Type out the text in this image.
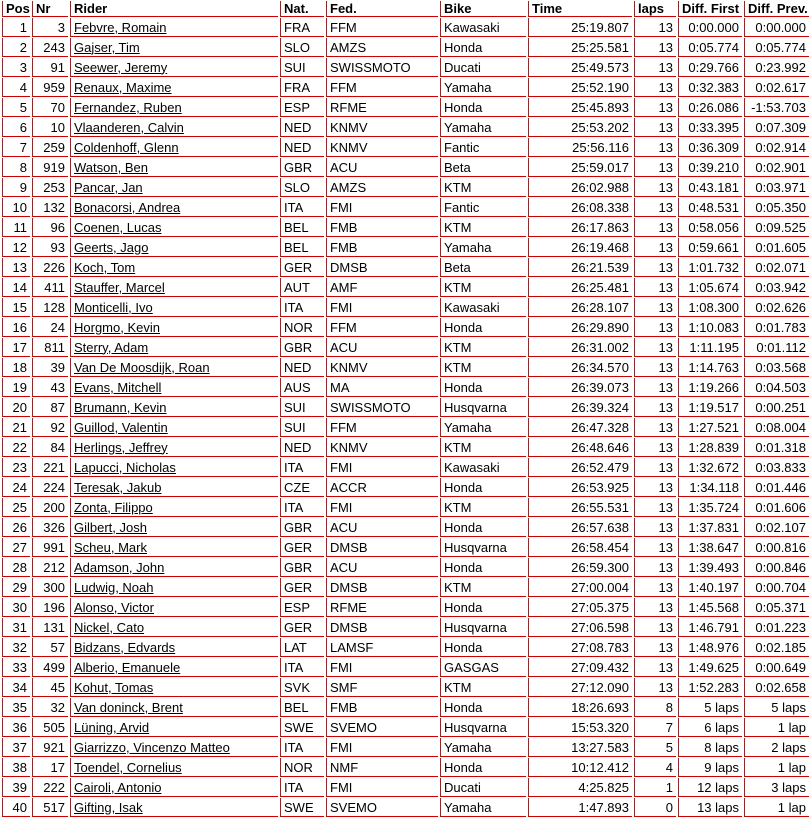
Pos	Nr	Rider	Nat.	Fed.	Bike	Time	laps	Diff. First	Diff. Prev.
1	3	Febvre, Romain	FRA	FFM	Kawasaki	25:19.807	13	0:00.000	0:00.000
2	243	Gajser, Tim	SLO	AMZS	Honda	25:25.581	13	0:05.774	0:05.774
3	91	Seewer, Jeremy	SUI	SWISSMOTO	Ducati	25:49.573	13	0:29.766	0:23.992
4	959	Renaux, Maxime	FRA	FFM	Yamaha	25:52.190	13	0:32.383	0:02.617
5	70	Fernandez, Ruben	ESP	RFME	Honda	25:45.893	13	0:26.086	-1:53.703
6	10	Vlaanderen, Calvin	NED	KNMV	Yamaha	25:53.202	13	0:33.395	0:07.309
7	259	Coldenhoff, Glenn	NED	KNMV	Fantic	25:56.116	13	0:36.309	0:02.914
8	919	Watson, Ben	GBR	ACU	Beta	25:59.017	13	0:39.210	0:02.901
9	253	Pancar, Jan	SLO	AMZS	KTM	26:02.988	13	0:43.181	0:03.971
10	132	Bonacorsi, Andrea	ITA	FMI	Fantic	26:08.338	13	0:48.531	0:05.350
11	96	Coenen, Lucas	BEL	FMB	KTM	26:17.863	13	0:58.056	0:09.525
12	93	Geerts, Jago	BEL	FMB	Yamaha	26:19.468	13	0:59.661	0:01.605
13	226	Koch, Tom	GER	DMSB	Beta	26:21.539	13	1:01.732	0:02.071
14	411	Stauffer, Marcel	AUT	AMF	KTM	26:25.481	13	1:05.674	0:03.942
15	128	Monticelli, Ivo	ITA	FMI	Kawasaki	26:28.107	13	1:08.300	0:02.626
16	24	Horgmo, Kevin	NOR	FFM	Honda	26:29.890	13	1:10.083	0:01.783
17	811	Sterry, Adam	GBR	ACU	KTM	26:31.002	13	1:11.195	0:01.112
18	39	Van De Moosdijk, Roan	NED	KNMV	KTM	26:34.570	13	1:14.763	0:03.568
19	43	Evans, Mitchell	AUS	MA	Honda	26:39.073	13	1:19.266	0:04.503
20	87	Brumann, Kevin	SUI	SWISSMOTO	Husqvarna	26:39.324	13	1:19.517	0:00.251
21	92	Guillod, Valentin	SUI	FFM	Yamaha	26:47.328	13	1:27.521	0:08.004
22	84	Herlings, Jeffrey	NED	KNMV	KTM	26:48.646	13	1:28.839	0:01.318
23	221	Lapucci, Nicholas	ITA	FMI	Kawasaki	26:52.479	13	1:32.672	0:03.833
24	224	Teresak, Jakub	CZE	ACCR	Honda	26:53.925	13	1:34.118	0:01.446
25	200	Zonta, Filippo	ITA	FMI	KTM	26:55.531	13	1:35.724	0:01.606
26	326	Gilbert, Josh	GBR	ACU	Honda	26:57.638	13	1:37.831	0:02.107
27	991	Scheu, Mark	GER	DMSB	Husqvarna	26:58.454	13	1:38.647	0:00.816
28	212	Adamson, John	GBR	ACU	Honda	26:59.300	13	1:39.493	0:00.846
29	300	Ludwig, Noah	GER	DMSB	KTM	27:00.004	13	1:40.197	0:00.704
30	196	Alonso, Victor	ESP	RFME	Honda	27:05.375	13	1:45.568	0:05.371
31	131	Nickel, Cato	GER	DMSB	Husqvarna	27:06.598	13	1:46.791	0:01.223
32	57	Bidzans, Edvards	LAT	LAMSF	Honda	27:08.783	13	1:48.976	0:02.185
33	499	Alberio, Emanuele	ITA	FMI	GASGAS	27:09.432	13	1:49.625	0:00.649
34	45	Kohut, Tomas	SVK	SMF	KTM	27:12.090	13	1:52.283	0:02.658
35	32	Van doninck, Brent	BEL	FMB	Honda	18:26.693	8	5 laps	5 laps
36	505	Lüning, Arvid	SWE	SVEMO	Husqvarna	15:53.320	7	6 laps	1 lap
37	921	Giarrizzo, Vincenzo Matteo	ITA	FMI	Yamaha	13:27.583	5	8 laps	2 laps
38	17	Toendel, Cornelius	NOR	NMF	Honda	10:12.412	4	9 laps	1 lap
39	222	Cairoli, Antonio	ITA	FMI	Ducati	4:25.825	1	12 laps	3 laps
40	517	Gifting, Isak	SWE	SVEMO	Yamaha	1:47.893	0	13 laps	1 lap
